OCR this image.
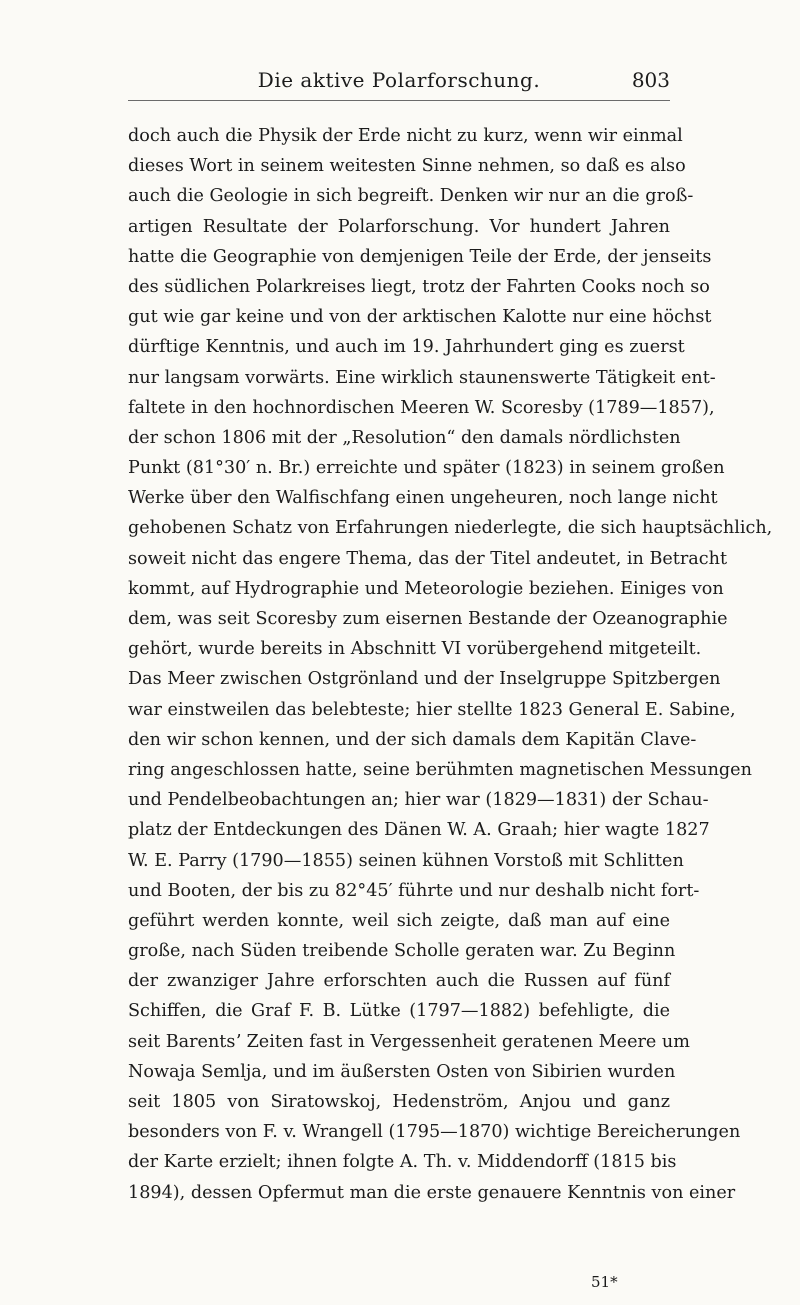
Die aktive Polarforschung.	803
doch auch die Physik der Erde nicht zu kurz, wenn wir einmal
dieses Wort in seinem weitesten Sinne nehmen, so daß es also
auch die Geologie in sich begreift. Denken wir nur an die groß-
artigen Resultate der Polarforschung. Vor hundert Jahren
hatte die Geographie von demjenigen Teile der Erde, der jenseits
des südlichen Polarkreises liegt, trotz der Fahrten Cooks noch so
gut wie gar keine und von der arktischen Kalotte nur eine höchst
dürftige Kenntnis, und auch im 19. Jahrhundert ging es zuerst
nur langsam vorwärts. Eine wirklich staunenswerte Tätigkeit ent-
faltete in den hochnordischen Meeren W. Scoresby (1789—1857),
der schon 1806 mit der „Resolution“ den damals nördlichsten
Punkt (81°30′ n. Br.) erreichte und später (1823) in seinem großen
Werke über den Walfischfang einen ungeheuren, noch lange nicht
gehobenen Schatz von Erfahrungen niederlegte, die sich hauptsächlich,
soweit nicht das engere Thema, das der Titel andeutet, in Betracht
kommt, auf Hydrographie und Meteorologie beziehen. Einiges von
dem, was seit Scoresby zum eisernen Bestande der Ozeanographie
gehört, wurde bereits in Abschnitt VI vorübergehend mitgeteilt.
Das Meer zwischen Ostgrönland und der Inselgruppe Spitzbergen
war einstweilen das belebteste; hier stellte 1823 General E. Sabine,
den wir schon kennen, und der sich damals dem Kapitän Clave-
ring angeschlossen hatte, seine berühmten magnetischen Messungen
und Pendelbeobachtungen an; hier war (1829—1831) der Schau-
platz der Entdeckungen des Dänen W. A. Graah; hier wagte 1827
W. E. Parry (1790—1855) seinen kühnen Vorstoß mit Schlitten
und Booten, der bis zu 82°45′ führte und nur deshalb nicht fort-
geführt werden konnte, weil sich zeigte, daß man auf eine
große, nach Süden treibende Scholle geraten war. Zu Beginn
der zwanziger Jahre erforschten auch die Russen auf fünf
Schiffen, die Graf F. B. Lütke (1797—1882) befehligte, die
seit Barentsʼ Zeiten fast in Vergessenheit geratenen Meere um
Nowaja Semlja, und im äußersten Osten von Sibirien wurden
seit 1805 von Siratowskoj, Hedenström, Anjou und ganz
besonders von F. v. Wrangell (1795—1870) wichtige Bereicherungen
der Karte erzielt; ihnen folgte A. Th. v. Middendorff (1815 bis
1894), dessen Opfermut man die erste genauere Kenntnis von einer
51*
